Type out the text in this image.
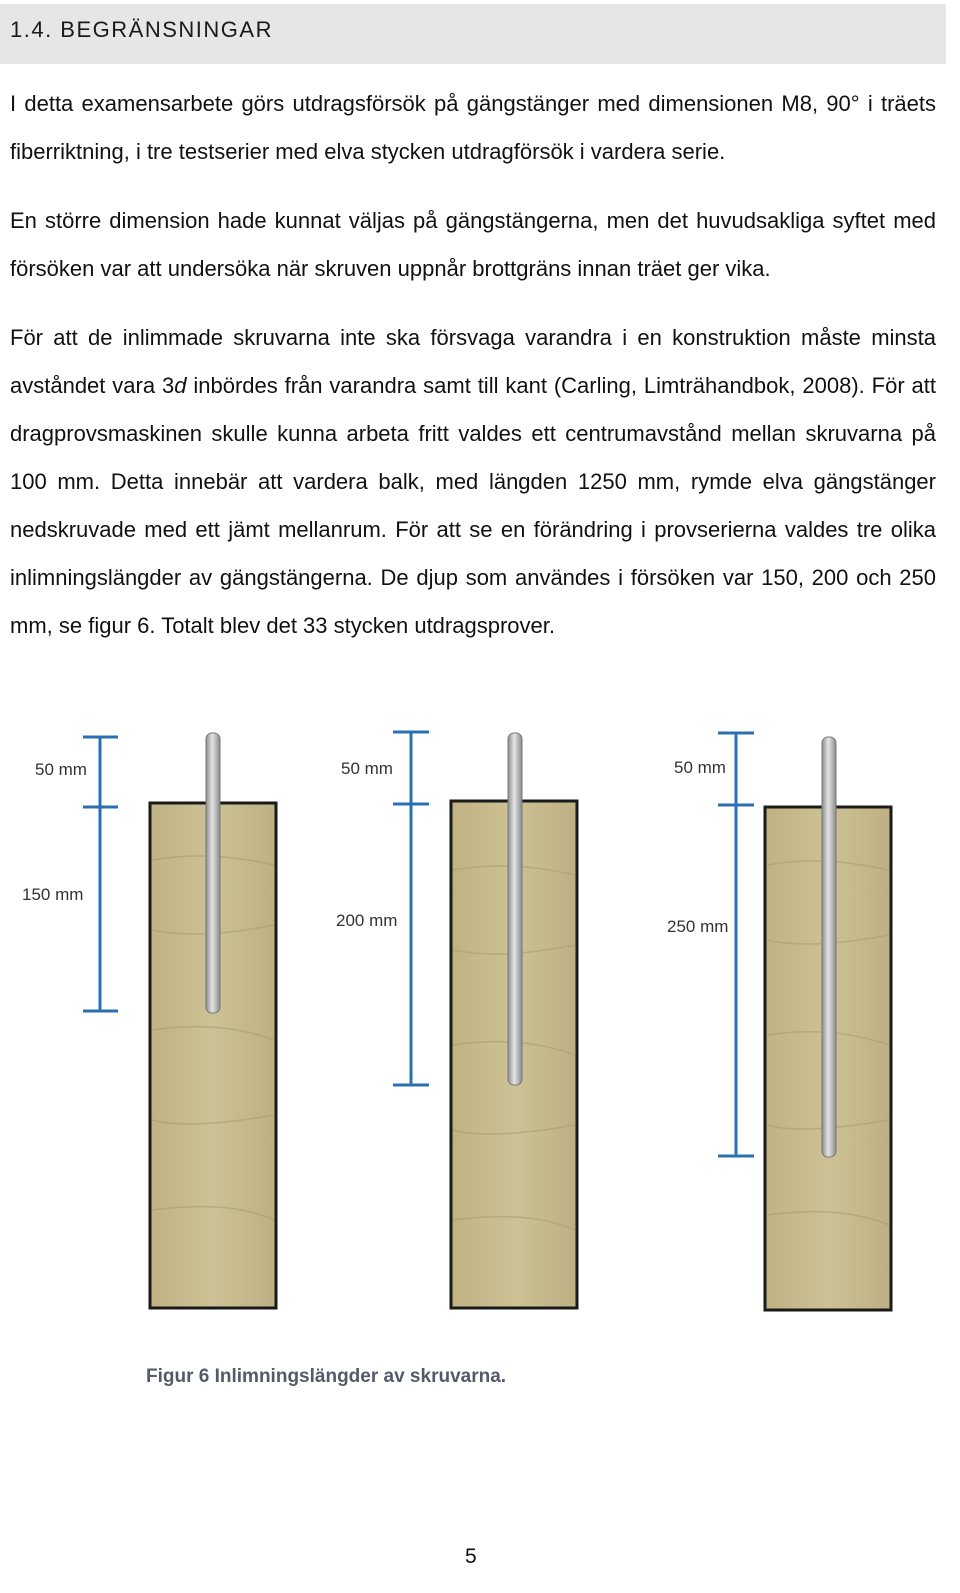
1.4. BEGRÄNSNINGAR

I detta examensarbete görs utdragsförsök på gängstänger med dimensionen M8, 90° i träets fiberriktning, i tre testserier med elva stycken utdragförsök i vardera serie.

En större dimension hade kunnat väljas på gängstängerna, men det huvudsakliga syftet med försöken var att undersöka när skruven uppnår brottgräns innan träet ger vika.

För att de inlimmade skruvarna inte ska försvaga varandra i en konstruktion måste minsta avståndet vara 3d inbördes från varandra samt till kant (Carling, Limträhandbok, 2008). För att dragprovsmaskinen skulle kunna arbeta fritt valdes ett centrumavstånd mellan skruvarna på 100 mm. Detta innebär att vardera balk, med längden 1250 mm, rymde elva gängstänger nedskruvade med ett jämt mellanrum. För att se en förändring i provserierna valdes tre olika inlimningslängder av gängstängerna. De djup som användes i försöken var 150, 200 och 250 mm, se figur 6. Totalt blev det 33 stycken utdragsprover.

50 mm
150 mm
50 mm
200 mm
50 mm
250 mm
Figur 6 Inlimningslängder av skruvarna.
5
